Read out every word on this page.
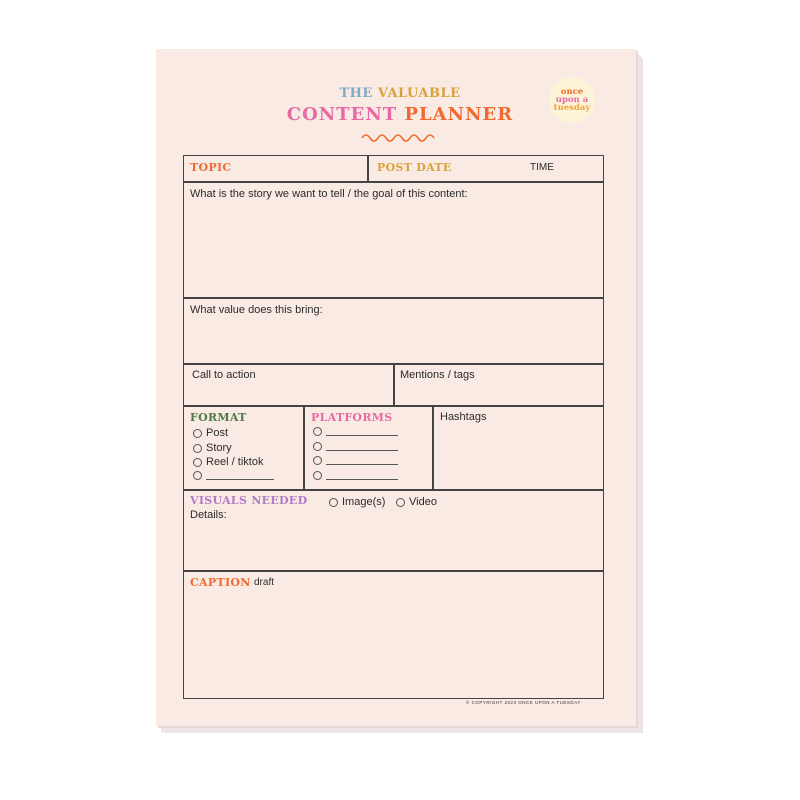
THE VALUABLE
CONTENT PLANNER
once
upon a
tuesday
TOPIC	POST DATE	TIME
What is the story we want to tell / the goal of this content:
What value does this bring:
Call to action	Mentions / tags
FORMAT
Post
Story
Reel / tiktok
PLATFORMS	Hashtags
VISUALS NEEDED	Image(s) Video
Details:
CAPTION draft
© COPYRIGHT 2023 ONCE UPON A TUESDAY
